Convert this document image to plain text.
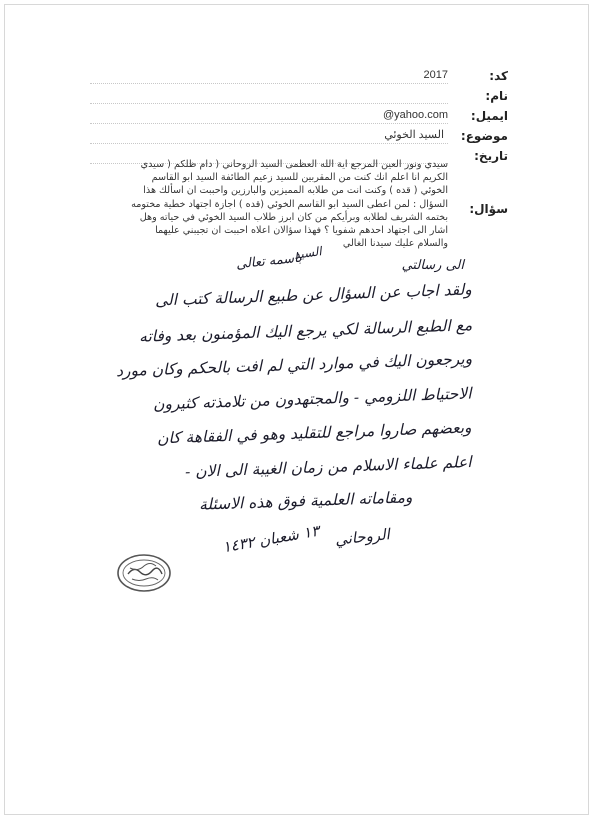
كد:
2017
نام:
ایمیل:
@yahoo.com
موضوع:
السيد الخوئي
تاریخ:
سؤال:
سيدي ونور العين المرجع اية الله العظمى السيد الروحاني ( دام ظلكم ( سيدي
الكريم انا اعلم انك كنت من المقربين للسيد زعيم الطائفة السيد ابو القاسم
الخوئي ( قده ) وكنت انت من طلابه المميزين والبارزين واحببت ان اسألك هذا
السؤال : لمن اعطى السيد ابو القاسم الخوئي (قده ) اجازة اجتهاد خطية مختومه
بختمه الشريف لطلابه وبرأيكم من كان ابرز طلاب السيد الخوئي في حياته وهل
اشار الى اجتهاد احدهم شفويا ؟ فهذا سؤالان اعلاه احببت ان تجيبني عليهما
والسلام عليك سيدنا الغالي
باسمه تعالى
السيد
الى رسالتي
ولقد اجاب عن السؤال عن طبيع الرسالة كتب الى
مع الطبع الرسالة لكي يرجع اليك المؤمنون بعد وفاته
ويرجعون اليك في موارد التي لم افت بالحكم وكان مورد
الاحتياط اللزومي - والمجتهدون من تلامذته كثيرون
وبعضهم صاروا مراجع للتقليد وهو في الفقاهة كان
اعلم علماء الاسلام من زمان الغيبة الى الان -
ومقاماته العلمية فوق هذه الاسئلة
١٣ شعبان ١٤٣٢ الروحاني
